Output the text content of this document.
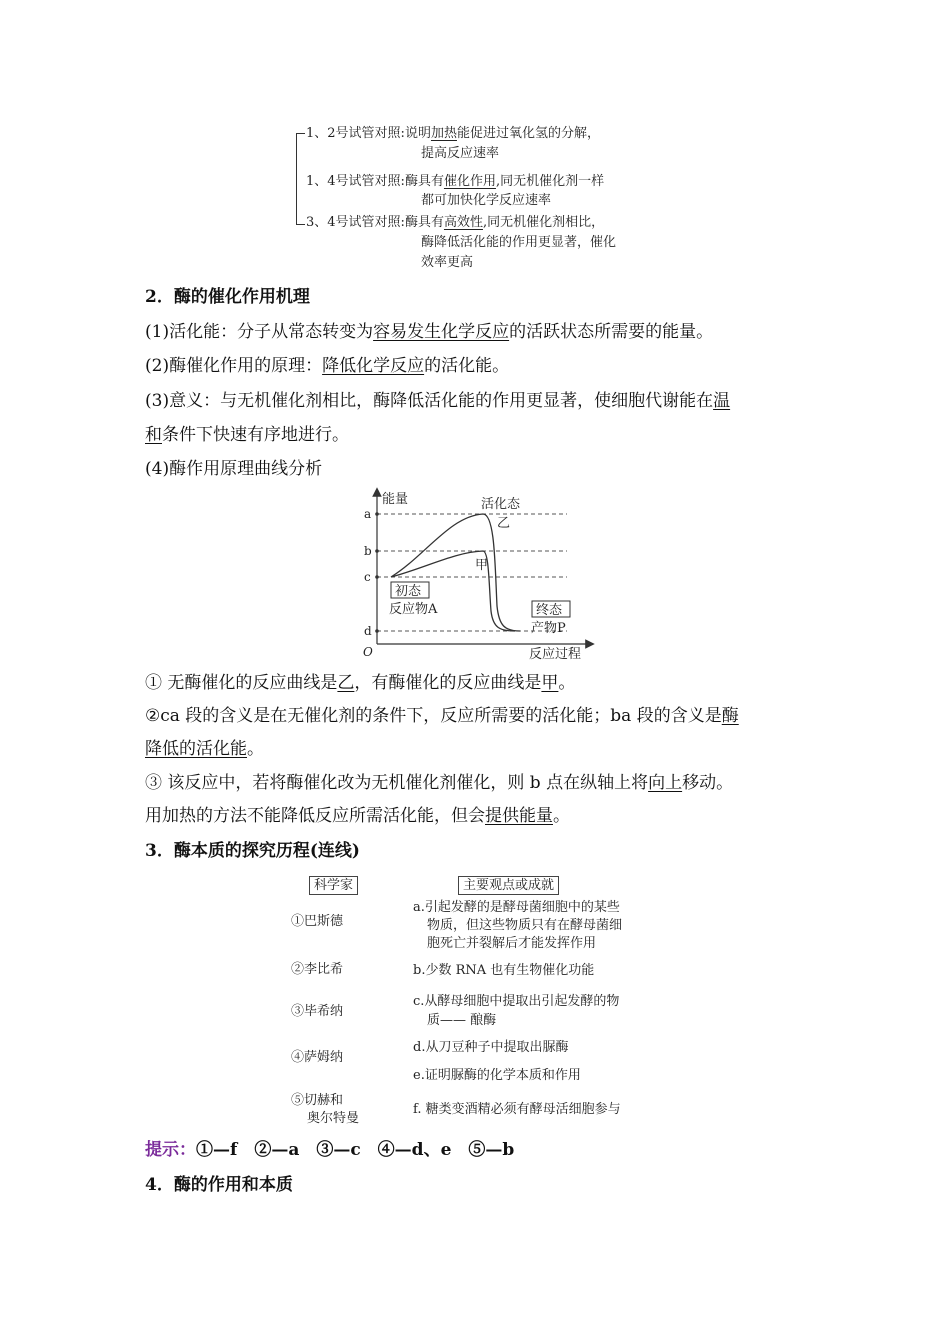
1、2号试管对照:说明加热能促进过氧化氢的分解，
提高反应速率
1、4号试管对照:酶具有催化作用,同无机催化剂一样
都可加快化学反应速率
3、4号试管对照:酶具有高效性,同无机催化剂相比，
酶降低活化能的作用更显著，催化
效率更高
2．酶的催化作用机理
(1)活化能：分子从常态转变为容易发生化学反应的活跃状态所需要的能量。
(2)酶催化作用的原理：降低化学反应的活化能。
(3)意义：与无机催化剂相比，酶降低活化能的作用更显著，使细胞代谢能在温
和条件下快速有序地进行。
(4)酶作用原理曲线分析
能量
反应过程
O
a
b
c
d
活化态
乙
甲
初态
反应物A	终态
产物P
① 无酶催化的反应曲线是乙，有酶催化的反应曲线是甲。
②ca 段的含义是在无催化剂的条件下，反应所需要的活化能；ba 段的含义是酶
降低的活化能。
③ 该反应中，若将酶催化改为无机催化剂催化，则 b 点在纵轴上将向上移动。
用加热的方法不能降低反应所需活化能，但会提供能量。
3．酶本质的探究历程(连线)
科学家	主要观点或成就
①巴斯德
②李比希
③毕希纳
④萨姆纳
⑤切赫和
奥尔特曼
a.引起发酵的是酵母菌细胞中的某些
物质，但这些物质只有在酵母菌细
胞死亡并裂解后才能发挥作用
b.少数 RNA 也有生物催化功能
c.从酵母细胞中提取出引起发酵的物
质—— 酿酶
d.从刀豆种子中提取出脲酶
e.证明脲酶的化学本质和作用
f. 糖类变酒精必须有酵母活细胞参与
提示：①—f　②—a　③—c　④—d、e　⑤—b
4．酶的作用和本质
